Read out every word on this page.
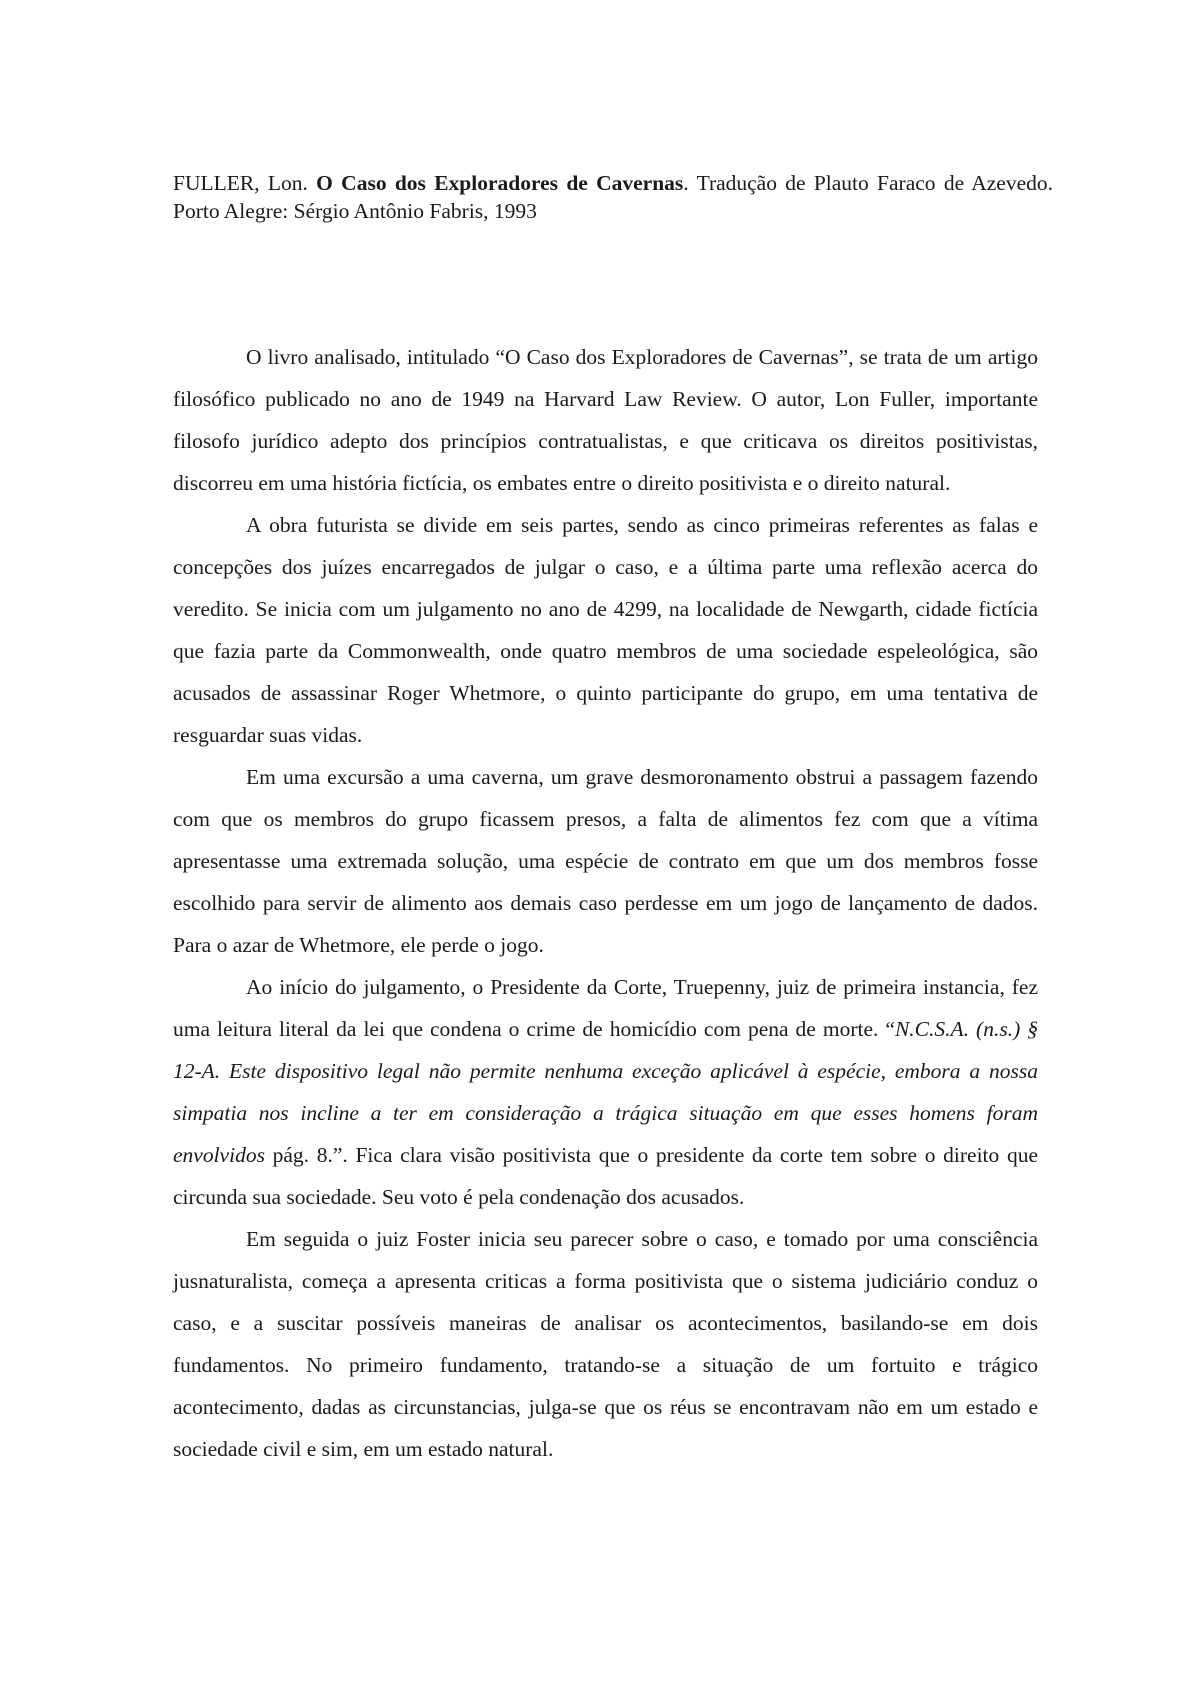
FULLER, Lon. O Caso dos Exploradores de Cavernas. Tradução de Plauto Faraco de Azevedo. Porto Alegre: Sérgio Antônio Fabris, 1993

O livro analisado, intitulado “O Caso dos Exploradores de Cavernas”, se trata de um artigo filosófico publicado no ano de 1949 na Harvard Law Review. O autor, Lon Fuller, importante filosofo jurídico adepto dos princípios contratualistas, e que criticava os direitos positivistas, discorreu em uma história fictícia, os embates entre o direito positivista e o direito natural.

A obra futurista se divide em seis partes, sendo as cinco primeiras referentes as falas e concepções dos juízes encarregados de julgar o caso, e a última parte uma reflexão acerca do veredito. Se inicia com um julgamento no ano de 4299, na localidade de Newgarth, cidade fictícia que fazia parte da Commonwealth, onde quatro membros de uma sociedade espeleológica, são acusados de assassinar Roger Whetmore, o quinto participante do grupo, em uma tentativa de resguardar suas vidas.

Em uma excursão a uma caverna, um grave desmoronamento obstrui a passagem fazendo com que os membros do grupo ficassem presos, a falta de alimentos fez com que a vítima apresentasse uma extremada solução, uma espécie de contrato em que um dos membros fosse escolhido para servir de alimento aos demais caso perdesse em um jogo de lançamento de dados. Para o azar de Whetmore, ele perde o jogo.

Ao início do julgamento, o Presidente da Corte, Truepenny, juiz de primeira instancia, fez uma leitura literal da lei que condena o crime de homicídio com pena de morte. “N.C.S.A. (n.s.) § 12-A. Este dispositivo legal não permite nenhuma exceção aplicável à espécie, embora a nossa simpatia nos incline a ter em consideração a trágica situação em que esses homens foram envolvidos pág. 8.”. Fica clara visão positivista que o presidente da corte tem sobre o direito que circunda sua sociedade. Seu voto é pela condenação dos acusados.

Em seguida o juiz Foster inicia seu parecer sobre o caso, e tomado por uma consciência jusnaturalista, começa a apresenta criticas a forma positivista que o sistema judiciário conduz o caso, e a suscitar possíveis maneiras de analisar os acontecimentos, basilando-se em dois fundamentos. No primeiro fundamento, tratando-se a situação de um fortuito e trágico acontecimento, dadas as circunstancias, julga-se que os réus se encontravam não em um estado e sociedade civil e sim, em um estado natural.
